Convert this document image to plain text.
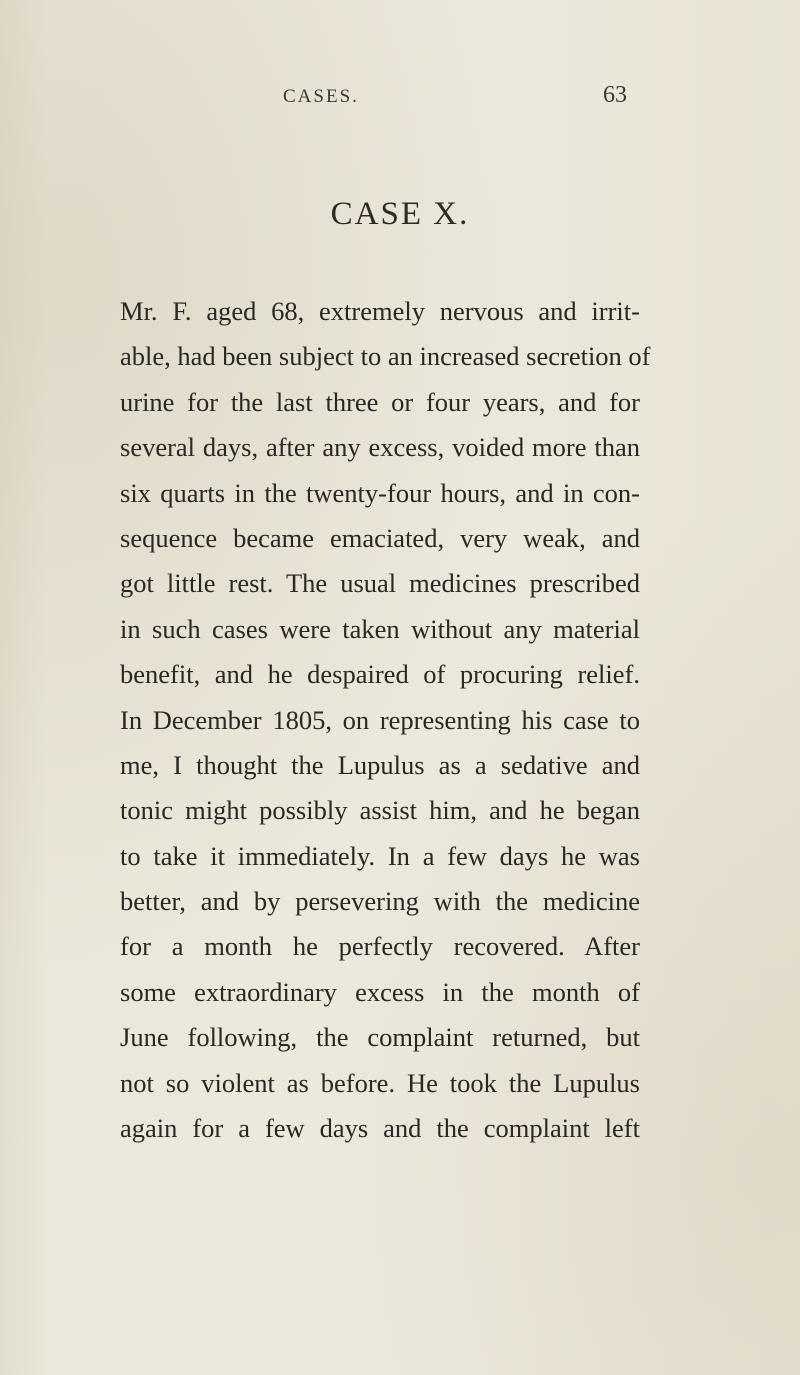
CASES.	63
CASE X.
Mr. F. aged 68, extremely nervous and irrit-
able, had been subject to an increased secretion of
urine for the last three or four years, and for
several days, after any excess, voided more than
six quarts in the twenty-four hours, and in con-
sequence became emaciated, very weak, and
got little rest. The usual medicines prescribed
in such cases were taken without any material
benefit, and he despaired of procuring relief.
In December 1805, on representing his case to
me, I thought the Lupulus as a sedative and
tonic might possibly assist him, and he began
to take it immediately. In a few days he was
better, and by persevering with the medicine
for a month he perfectly recovered. After
some extraordinary excess in the month of
June following, the complaint returned, but
not so violent as before. He took the Lupulus
again for a few days and the complaint left
